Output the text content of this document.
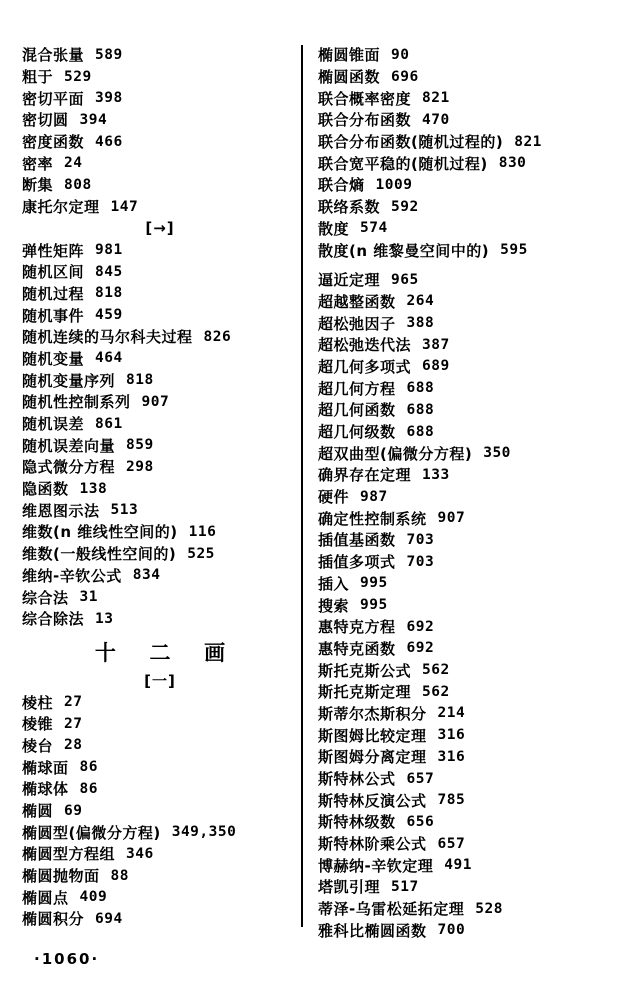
混合张量 589
粗于 529
密切平面 398
密切圆 394
密度函数 466
密率 24
断集 808
康托尔定理 147
[→]
弹性矩阵 981
随机区间 845
随机过程 818
随机事件 459
随机连续的马尔科夫过程 826
随机变量 464
随机变量序列 818
随机性控制系列 907
随机误差 861
随机误差向量 859
隐式微分方程 298
隐函数 138
维恩图示法 513
维数(n 维线性空间的) 116
维数(一般线性空间的) 525
维纳-辛钦公式 834
综合法 31
综合除法 13
十二画
[一]
棱柱 27
棱锥 27
棱台 28
椭球面 86
椭球体 86
椭圆 69
椭圆型(偏微分方程) 349,350
椭圆型方程组 346
椭圆抛物面 88
椭圆点 409
椭圆积分 694
椭圆锥面 90
椭圆函数 696
联合概率密度 821
联合分布函数 470
联合分布函数(随机过程的) 821
联合宽平稳的(随机过程) 830
联合熵 1009
联络系数 592
散度 574
散度(n 维黎曼空间中的) 595
逼近定理 965
超越整函数 264
超松弛因子 388
超松弛迭代法 387
超几何多项式 689
超几何方程 688
超几何函数 688
超几何级数 688
超双曲型(偏微分方程) 350
确界存在定理 133
硬件 987
确定性控制系统 907
插值基函数 703
插值多项式 703
插入 995
搜索 995
惠特克方程 692
惠特克函数 692
斯托克斯公式 562
斯托克斯定理 562
斯蒂尔杰斯积分 214
斯图姆比较定理 316
斯图姆分离定理 316
斯特林公式 657
斯特林反演公式 785
斯特林级数 656
斯特林阶乘公式 657
博赫纳-辛钦定理 491
塔凯引理 517
蒂泽-乌雷松延拓定理 528
雅科比椭圆函数 700
·1060·
